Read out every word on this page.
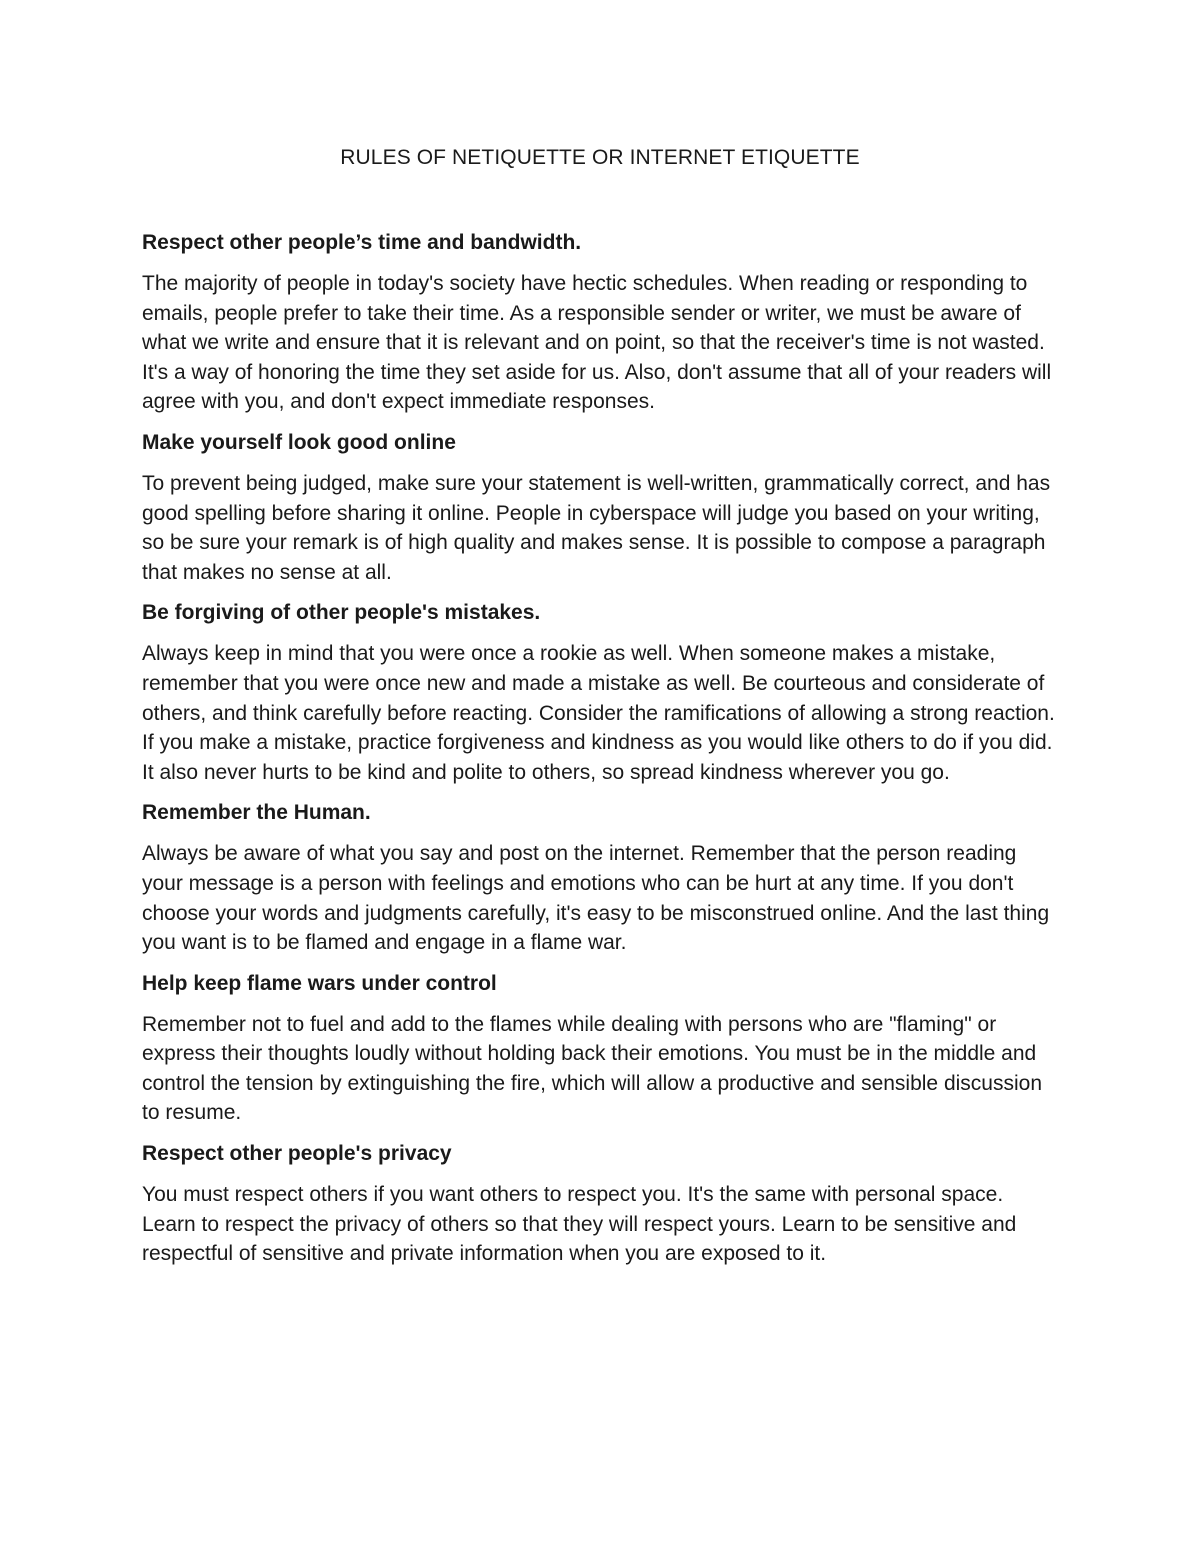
RULES OF NETIQUETTE OR INTERNET ETIQUETTE
Respect other people’s time and bandwidth.

The majority of people in today's society have hectic schedules. When reading or responding to emails, people prefer to take their time. As a responsible sender or writer, we must be aware of what we write and ensure that it is relevant and on point, so that the receiver's time is not wasted. It's a way of honoring the time they set aside for us. Also, don't assume that all of your readers will agree with you, and don't expect immediate responses.

Make yourself look good online

To prevent being judged, make sure your statement is well-written, grammatically correct, and has good spelling before sharing it online. People in cyberspace will judge you based on your writing, so be sure your remark is of high quality and makes sense. It is possible to compose a paragraph that makes no sense at all.

Be forgiving of other people's mistakes.

Always keep in mind that you were once a rookie as well. When someone makes a mistake, remember that you were once new and made a mistake as well. Be courteous and considerate of others, and think carefully before reacting. Consider the ramifications of allowing a strong reaction. If you make a mistake, practice forgiveness and kindness as you would like others to do if you did. It also never hurts to be kind and polite to others, so spread kindness wherever you go.

Remember the Human.

Always be aware of what you say and post on the internet. Remember that the person reading your message is a person with feelings and emotions who can be hurt at any time. If you don't choose your words and judgments carefully, it's easy to be misconstrued online. And the last thing you want is to be flamed and engage in a flame war.

Help keep flame wars under control

Remember not to fuel and add to the flames while dealing with persons who are "flaming" or express their thoughts loudly without holding back their emotions. You must be in the middle and control the tension by extinguishing the fire, which will allow a productive and sensible discussion to resume.

Respect other people's privacy

You must respect others if you want others to respect you. It's the same with personal space. Learn to respect the privacy of others so that they will respect yours. Learn to be sensitive and respectful of sensitive and private information when you are exposed to it.
